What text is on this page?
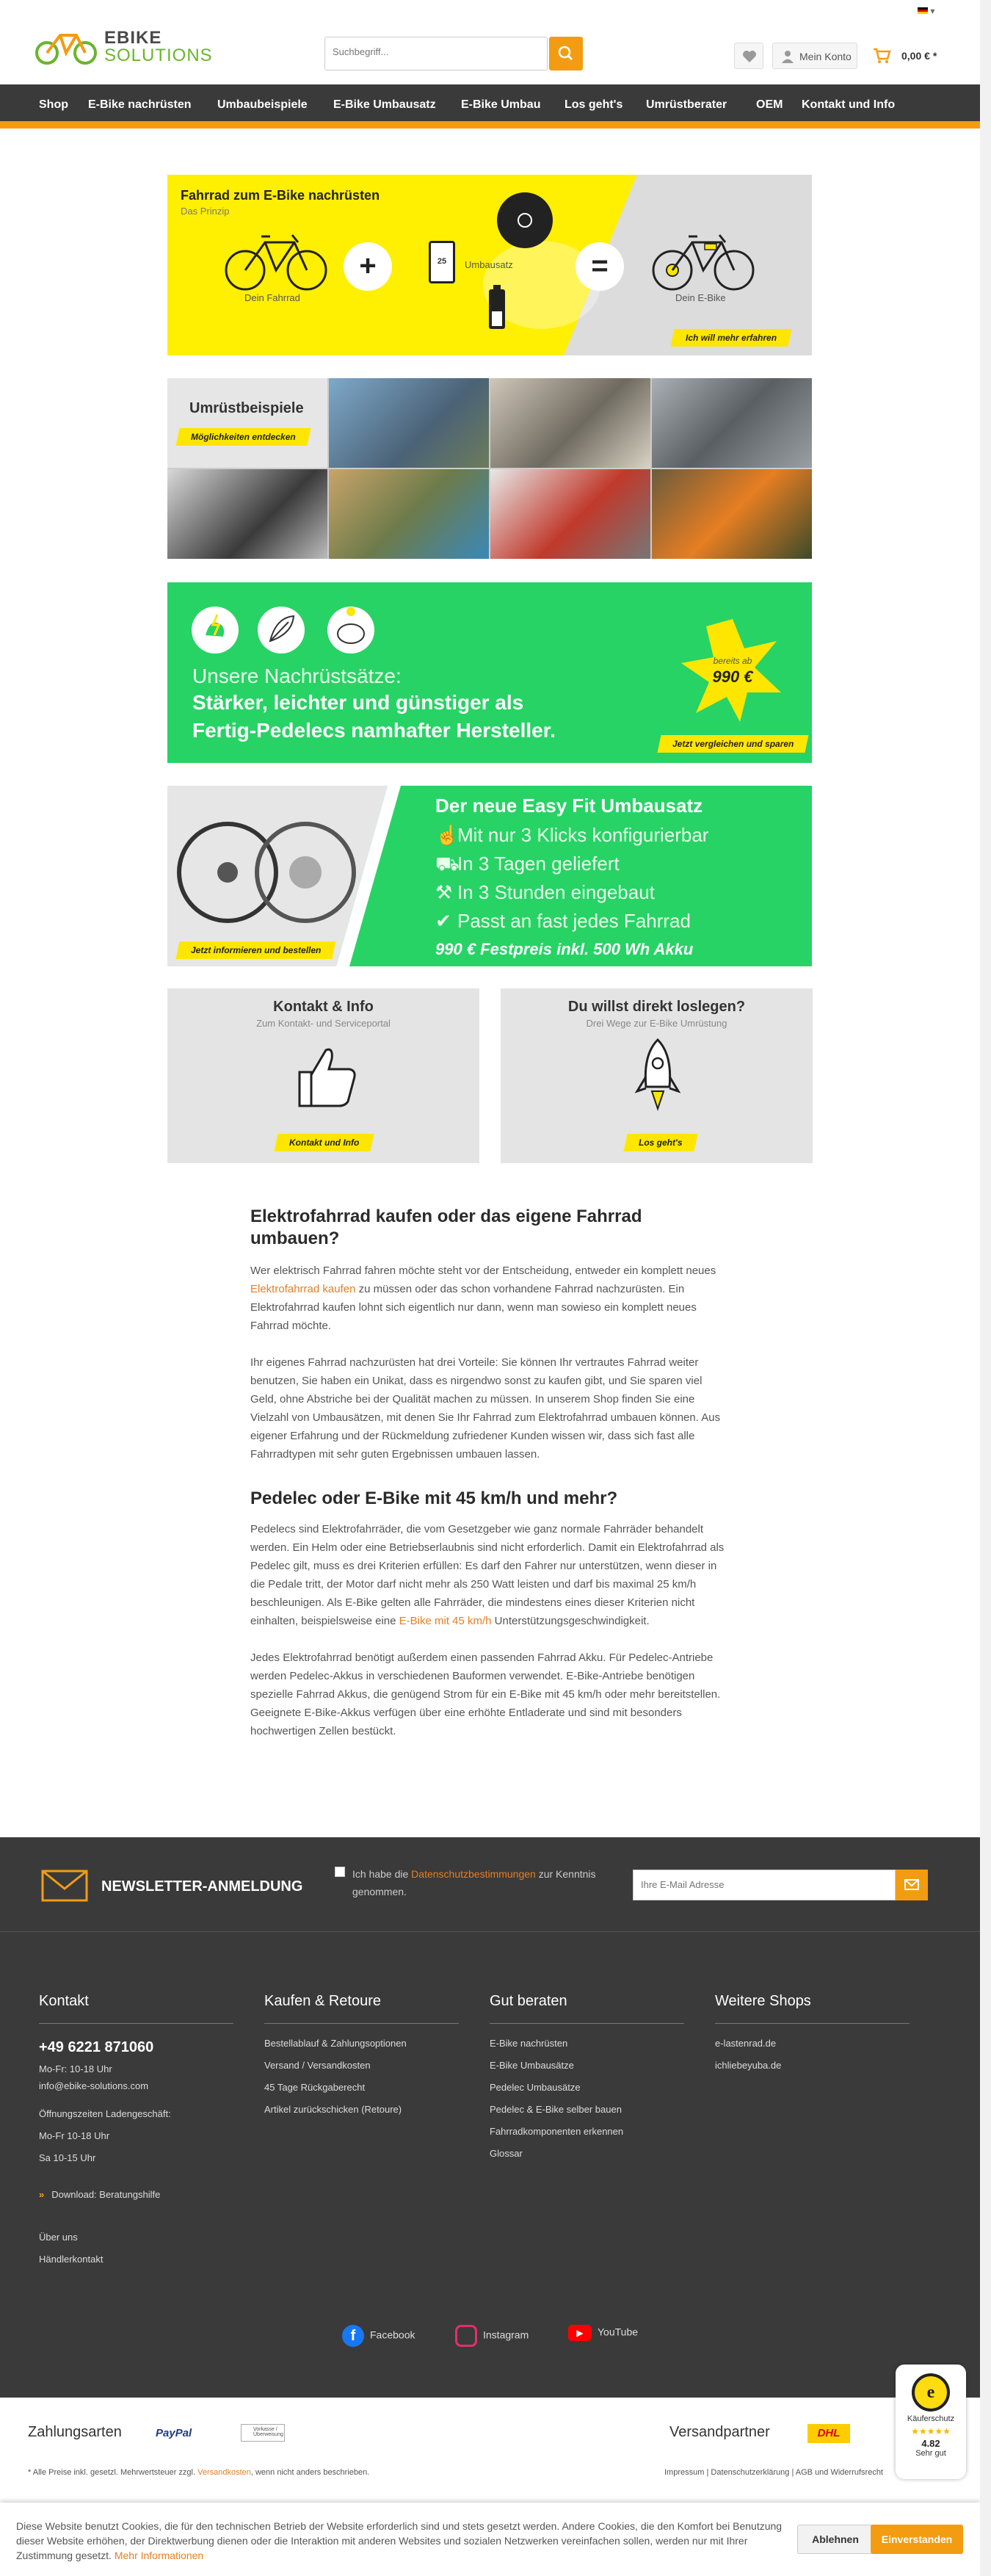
EBIKE
SOLUTIONS
Suchbegriff...
▾
Mein Konto	0,00 € *
Shop E-Bike nachrüsten Umbaubeispiele E-Bike Umbausatz E-Bike Umbau Los geht's Umrüstberater OEM Kontakt und Info
Fahrrad zum E-Bike nachrüsten
Das Prinzip
Dein Fahrrad
+	25	Umbausatz	=
Dein E-Bike
Ich will mehr erfahren
Umrüstbeispiele
Möglichkeiten entdecken
Unsere Nachrüstsätze:
Stärker, leichter und günstiger als
Fertig-Pedelecs namhafter Hersteller.
bereits ab
990 €
Jetzt vergleichen und sparen
Der neue Easy Fit Umbausatz
☝Mit nur 3 Klicks konfigurierbar
⛟In 3 Tagen geliefert
⚒ In 3 Stunden eingebaut
✔ Passt an fast jedes Fahrrad
990 € Festpreis inkl. 500 Wh Akku
Jetzt informieren und bestellen
Kontakt & Info
Zum Kontakt- und Serviceportal
Kontakt und Info
Du willst direkt loslegen?
Drei Wege zur E-Bike Umrüstung
Los geht's
Elektrofahrrad kaufen oder das eigene Fahrrad umbauen?

Wer elektrisch Fahrrad fahren möchte steht vor der Entscheidung, entweder ein komplett neues Elektrofahrrad kaufen zu müssen oder das schon vorhandene Fahrrad nachzurüsten. Ein Elektrofahrrad kaufen lohnt sich eigentlich nur dann, wenn man sowieso ein komplett neues Fahrrad möchte.

Ihr eigenes Fahrrad nachzurüsten hat drei Vorteile: Sie können Ihr vertrautes Fahrrad weiter benutzen, Sie haben ein Unikat, dass es nirgendwo sonst zu kaufen gibt, und Sie sparen viel Geld, ohne Abstriche bei der Qualität machen zu müssen. In unserem Shop finden Sie eine Vielzahl von Umbausätzen, mit denen Sie Ihr Fahrrad zum Elektrofahrrad umbauen können. Aus eigener Erfahrung und der Rückmeldung zufriedener Kunden wissen wir, dass sich fast alle Fahrradtypen mit sehr guten Ergebnissen umbauen lassen.

Pedelec oder E-Bike mit 45 km/h und mehr?

Pedelecs sind Elektrofahrräder, die vom Gesetzgeber wie ganz normale Fahrräder behandelt werden. Ein Helm oder eine Betriebserlaubnis sind nicht erforderlich. Damit ein Elektrofahrrad als Pedelec gilt, muss es drei Kriterien erfüllen: Es darf den Fahrer nur unterstützen, wenn dieser in die Pedale tritt, der Motor darf nicht mehr als 250 Watt leisten und darf bis maximal 25 km/h beschleunigen. Als E-Bike gelten alle Fahrräder, die mindestens eines dieser Kriterien nicht einhalten, beispielsweise eine E-Bike mit 45 km/h Unterstützungsgeschwindigkeit.

Jedes Elektrofahrrad benötigt außerdem einen passenden Fahrrad Akku. Für Pedelec-Antriebe werden Pedelec-Akkus in verschiedenen Bauformen verwendet. E-Bike-Antriebe benötigen spezielle Fahrrad Akkus, die genügend Strom für ein E-Bike mit 45 km/h oder mehr bereitstellen. Geeignete E-Bike-Akkus verfügen über eine erhöhte Entladerate und sind mit besonders hochwertigen Zellen bestückt.

NEWSLETTER-ANMELDUNG
Ich habe die Datenschutzbestimmungen zur Kenntnis genommen.
Ihre E-Mail Adresse
Kontakt

+49 6221 871060

Mo-Fr: 10-18 Uhr

info@ebike-solutions.com

Öffnungszeiten Ladengeschäft:

Mo-Fr 10-18 Uhr

Sa 10-15 Uhr

» Download: Beratungshilfe
Über uns
Händlerkontakt
Kaufen & Retoure
Bestellablauf & Zahlungsoptionen
Versand / Versandkosten
45 Tage Rückgaberecht
Artikel zurückschicken (Retoure)
Gut beraten
E-Bike nachrüsten
E-Bike Umbausätze
Pedelec Umbausätze
Pedelec & E-Bike selber bauen
Fahrradkomponenten erkennen
Glossar
Weitere Shops
e-lastenrad.de
ichliebeyuba.de
f Facebook	Instagram	▶ YouTube
Zahlungsarten	PayPal	Vorkasse / Überweisung	Versandpartner	DHL
* Alle Preise inkl. gesetzl. Mehrwertsteuer zzgl. Versandkosten, wenn nicht anders beschrieben.	Impressum | Datenschutzerklärung | AGB und Widerrufsrecht
e
Käuferschutz
★★★★★
4.82
Sehr gut
Diese Website benutzt Cookies, die für den technischen Betrieb der Website erforderlich sind und stets gesetzt werden. Andere Cookies, die den Komfort bei Benutzung dieser Website erhöhen, der Direktwerbung dienen oder die Interaktion mit anderen Websites und sozialen Netzwerken vereinfachen sollen, werden nur mit Ihrer Zustimmung gesetzt. Mehr Informationen
Ablehnen	Einverstanden
